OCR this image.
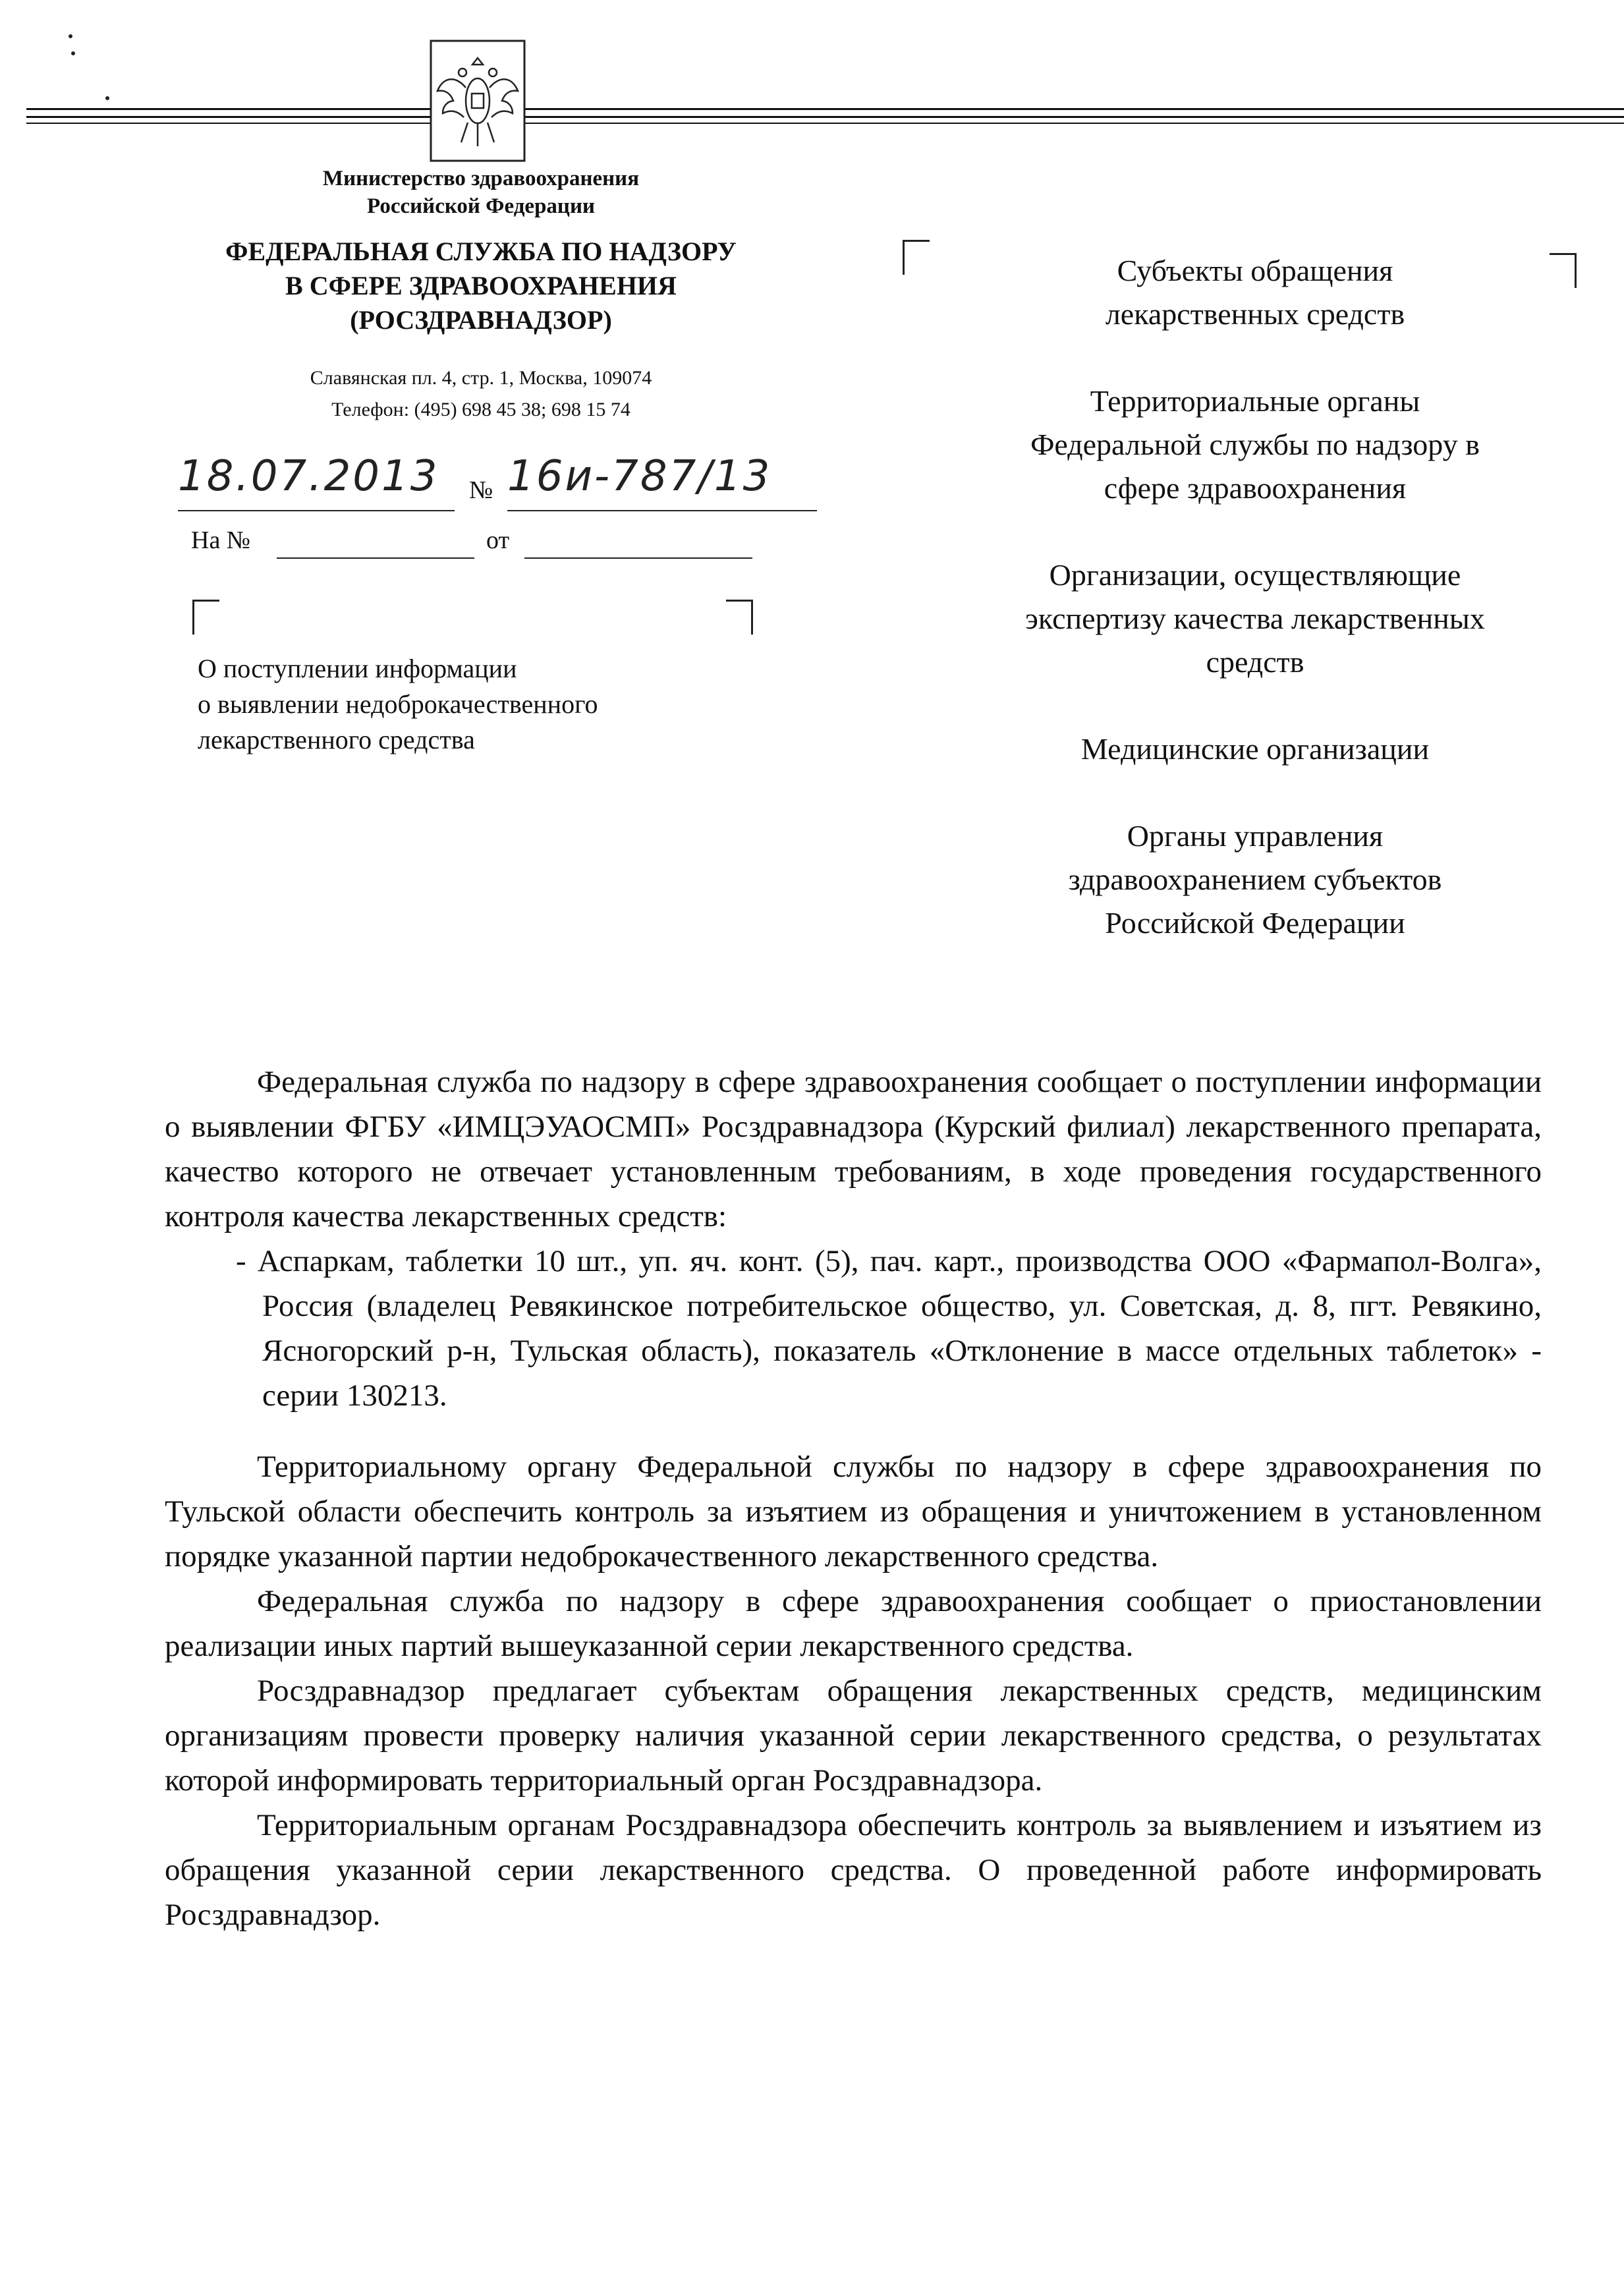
Министерство здравоохранения
Российской Федерации
ФЕДЕРАЛЬНАЯ СЛУЖБА ПО НАДЗОРУ
В СФЕРЕ ЗДРАВООХРАНЕНИЯ
(РОСЗДРАВНАДЗОР)
Славянская пл. 4, стр. 1, Москва, 109074
Телефон: (495) 698 45 38; 698 15 74
18.07.2013	№ 16и-787/13
На №	от
О поступлении информации
о выявлении недоброкачественного
лекарственного средства
Субъекты обращения
лекарственных средств
Территориальные органы
Федеральной службы по надзору в
сфере здравоохранения
Организации, осуществляющие
экспертизу качества лекарственных
средств
Медицинские организации
Органы управления
здравоохранением субъектов
Российской Федерации

Федеральная служба по надзору в сфере здравоохранения сообщает о поступлении информации о выявлении ФГБУ «ИМЦЭУАОСМП» Росздравнадзора (Курский филиал) лекарственного препарата, качество которого не отвечает установленным требованиям, в ходе проведения государственного контроля качества лекарственных средств:

- Аспаркам, таблетки 10 шт., уп. яч. конт. (5), пач. карт., производства ООО «Фармапол-Волга», Россия (владелец Ревякинское потребительское общество, ул. Советская, д. 8, пгт. Ревякино, Ясногорский р-н, Тульская область), показатель «Отклонение в массе отдельных таблеток» - серии 130213.

Территориальному органу Федеральной службы по надзору в сфере здравоохранения по Тульской области обеспечить контроль за изъятием из обращения и уничтожением в установленном порядке указанной партии недоброкачественного лекарственного средства.

Федеральная служба по надзору в сфере здравоохранения сообщает о приостановлении реализации иных партий вышеуказанной серии лекарственного средства.

Росздравнадзор предлагает субъектам обращения лекарственных средств, медицинским организациям провести проверку наличия указанной серии лекарственного средства, о результатах которой информировать территориальный орган Росздравнадзора.

Территориальным органам Росздравнадзора обеспечить контроль за выявлением и изъятием из обращения указанной серии лекарственного средства. О проведенной работе информировать Росздравнадзор.
